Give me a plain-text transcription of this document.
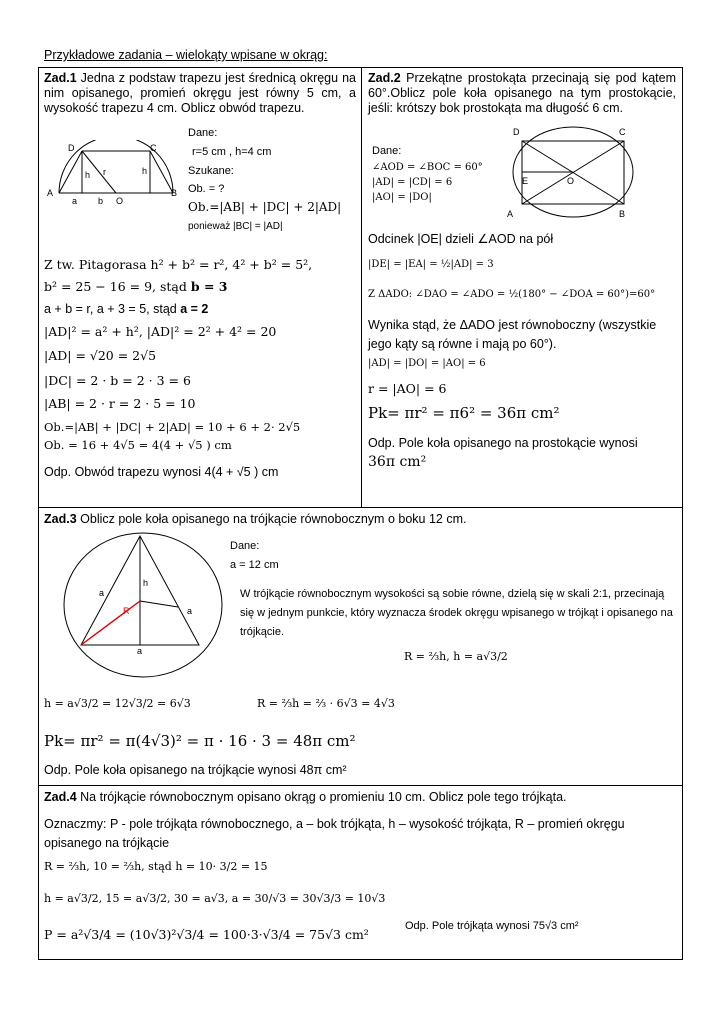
Przykładowe zadania – wielokąty wpisane w okrąg:
Zad.1 Jedna z podstaw trapezu jest średnicą okręgu na nim opisanego, promień okręgu jest równy 5 cm, a wysokość trapezu 4 cm. Oblicz obwód trapezu.
D	C
A	B
O
h r	h
a b
Dane:
r=5 cm , h=4 cm
Szukane:
Ob. = ?
Ob.=|AB| + |DC| + 2|AD|
ponieważ |BC| = |AD|
Z tw. Pitagorasa h² + b² = r², 4² + b² = 5²,
b² = 25 − 16 = 9, stąd b = 3
a + b = r, a + 3 = 5, stąd a = 2
|AD|² = a² + h², |AD|² = 2² + 4² = 20
|AD| = √20 = 2√5
|DC| = 2 · b = 2 · 3 = 6
|AB| = 2 · r = 2 · 5 = 10
Ob.=|AB| + |DC| + 2|AD| = 10 + 6 + 2· 2√5
Ob. = 16 + 4√5 = 4(4 + √5 ) cm
Odp. Obwód trapezu wynosi 4(4 + √5 ) cm
Zad.2 Przekątne prostokąta przecinają się pod kątem 60°.Oblicz pole koła opisanego na tym prostokącie, jeśli: krótszy bok prostokąta ma długość 6 cm.
D	C
E	O
A	B
Dane:
∠AOD = ∠BOC = 60°
|AD| = |CD| = 6
|AO| = |DO|
Odcinek |OE| dzieli ∠AOD na pół
|DE| = |EA| = ½|AD| = 3
Z ΔADO: ∠DAO = ∠ADO = ½(180° − ∠DOA = 60°)=60°
Wynika stąd, że ΔADO jest równoboczny (wszystkie jego kąty są równe i mają po 60°).
|AD| = |DO| = |AO| = 6
r = |AO| = 6
Pk= πr² = π6² = 36π cm²
Odp. Pole koła opisanego na prostokącie wynosi
36π cm²
Zad.3 Oblicz pole koła opisanego na trójkącie równobocznym o boku 12 cm.
h
a
R	a
a
Dane:
a = 12 cm
W trójkącie równobocznym wysokości są sobie równe, dzielą się w skali 2:1, przecinają się w jednym punkcie, który wyznacza środek okręgu wpisanego w trójkąt i opisanego na trójkącie.
R = ⅔h, h = a√3/2
h = a√3/2 = 12√3/2 = 6√3	R = ⅔h = ⅔ · 6√3 = 4√3
Pk= πr² = π(4√3)² = π · 16 · 3 = 48π cm²
Odp. Pole koła opisanego na trójkącie wynosi 48π cm²
Zad.4 Na trójkącie równobocznym opisano okrąg o promieniu 10 cm. Oblicz pole tego trójkąta.
Oznaczmy: P - pole trójkąta równobocznego, a – bok trójkąta, h – wysokość trójkąta, R – promień okręgu opisanego na trójkącie
R = ⅔h, 10 = ⅔h, stąd h = 10· 3/2 = 15
h = a√3/2, 15 = a√3/2, 30 = a√3, a = 30/√3 = 30√3/3 = 10√3
P = a²√3/4 = (10√3)²√3/4 = 100·3·√3/4 = 75√3 cm²
Odp. Pole trójkąta wynosi 75√3 cm²
